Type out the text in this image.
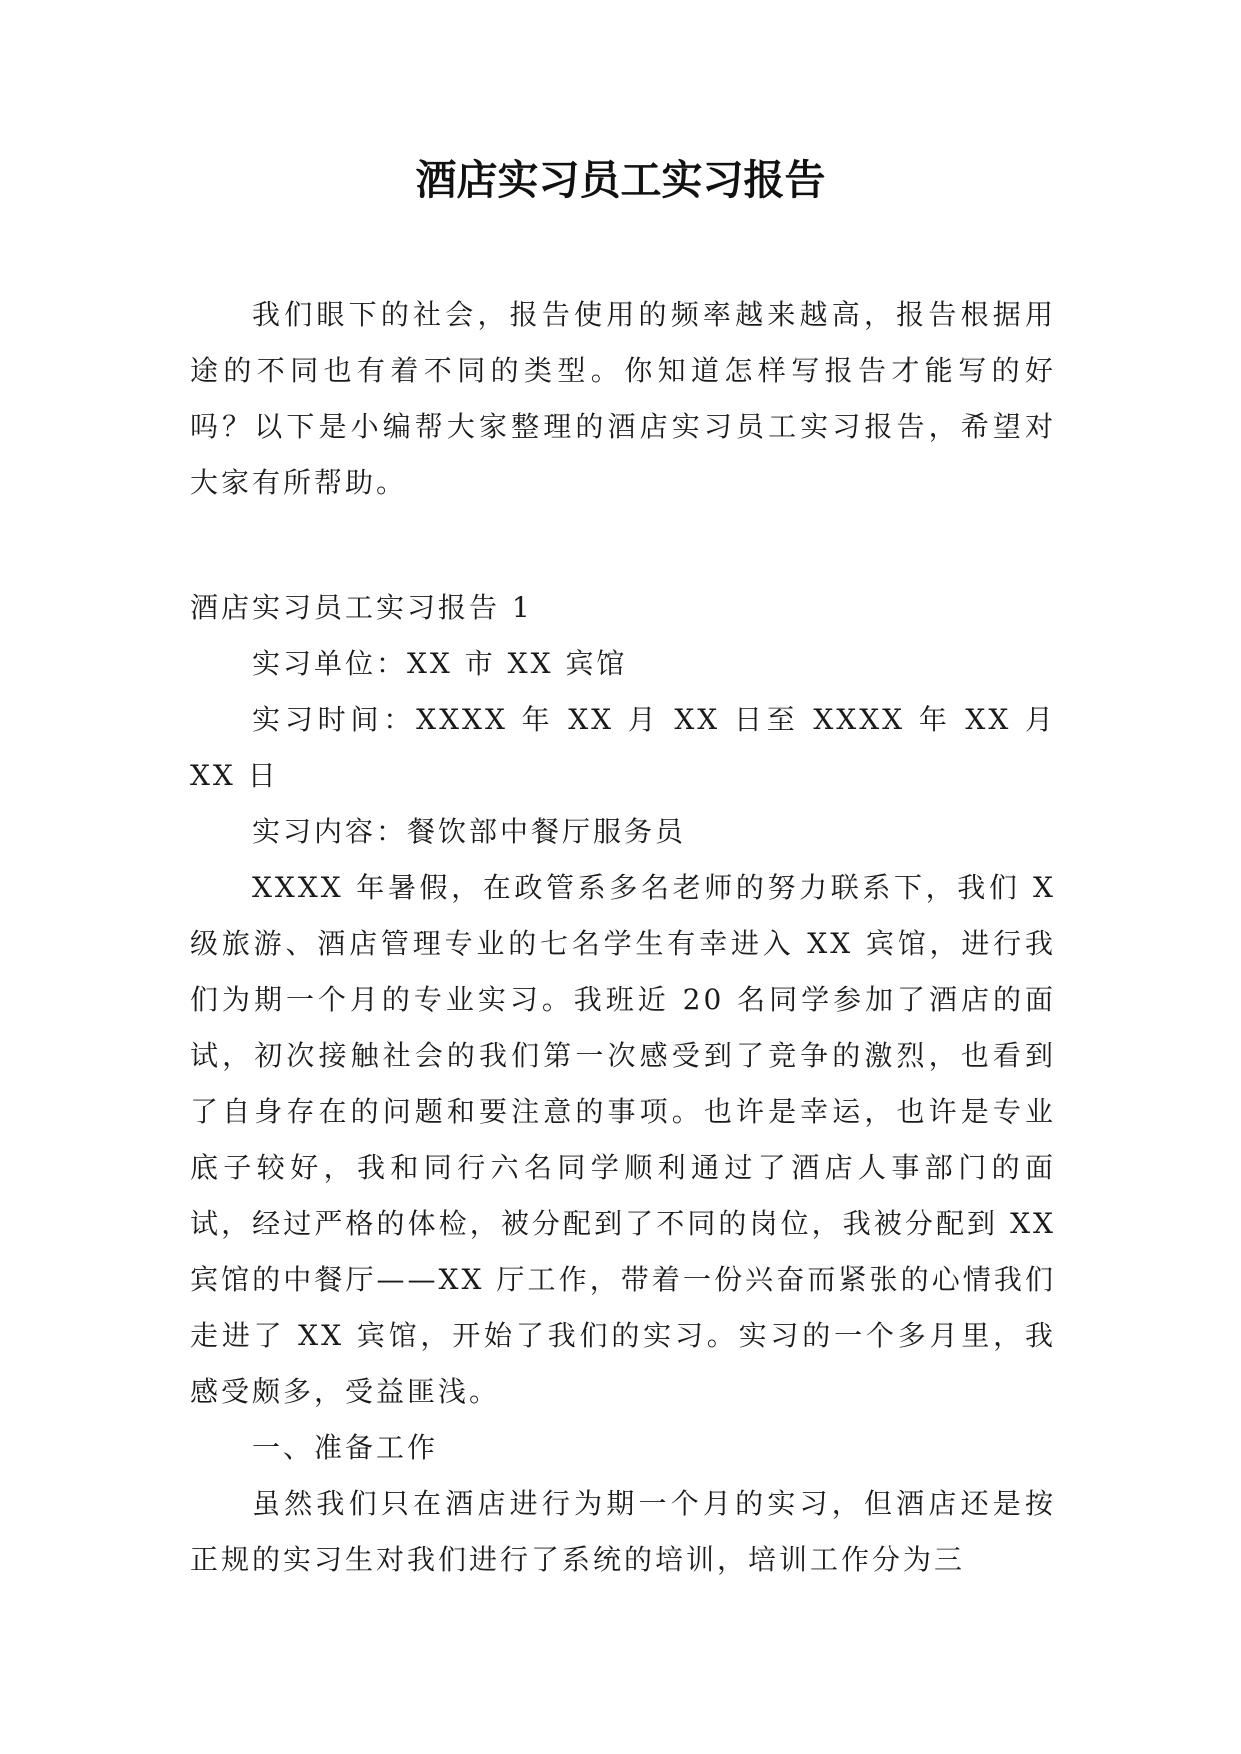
酒店实习员工实习报告

我们眼下的社会，报告使用的频率越来越高，报告根据用途的不同也有着不同的类型。你知道怎样写报告才能写的好吗？以下是小编帮大家整理的酒店实习员工实习报告，希望对大家有所帮助。

酒店实习员工实习报告 1

实习单位：XX 市 XX 宾馆

实习时间：XXXX 年 XX 月 XX 日至 XXXX 年 XX 月 XX 日

实习内容：餐饮部中餐厅服务员

XXXX 年暑假，在政管系多名老师的努力联系下，我们 X 级旅游、酒店管理专业的七名学生有幸进入 XX 宾馆，进行我们为期一个月的专业实习。我班近 20 名同学参加了酒店的面试，初次接触社会的我们第一次感受到了竞争的激烈，也看到了自身存在的问题和要注意的事项。也许是幸运，也许是专业底子较好，我和同行六名同学顺利通过了酒店人事部门的面试，经过严格的体检，被分配到了不同的岗位，我被分配到 XX 宾馆的中餐厅——XX 厅工作，带着一份兴奋而紧张的心情我们走进了 XX 宾馆，开始了我们的实习。实习的一个多月里，我感受颇多，受益匪浅。

一、准备工作

虽然我们只在酒店进行为期一个月的实习，但酒店还是按正规的实习生对我们进行了系统的培训，培训工作分为三
